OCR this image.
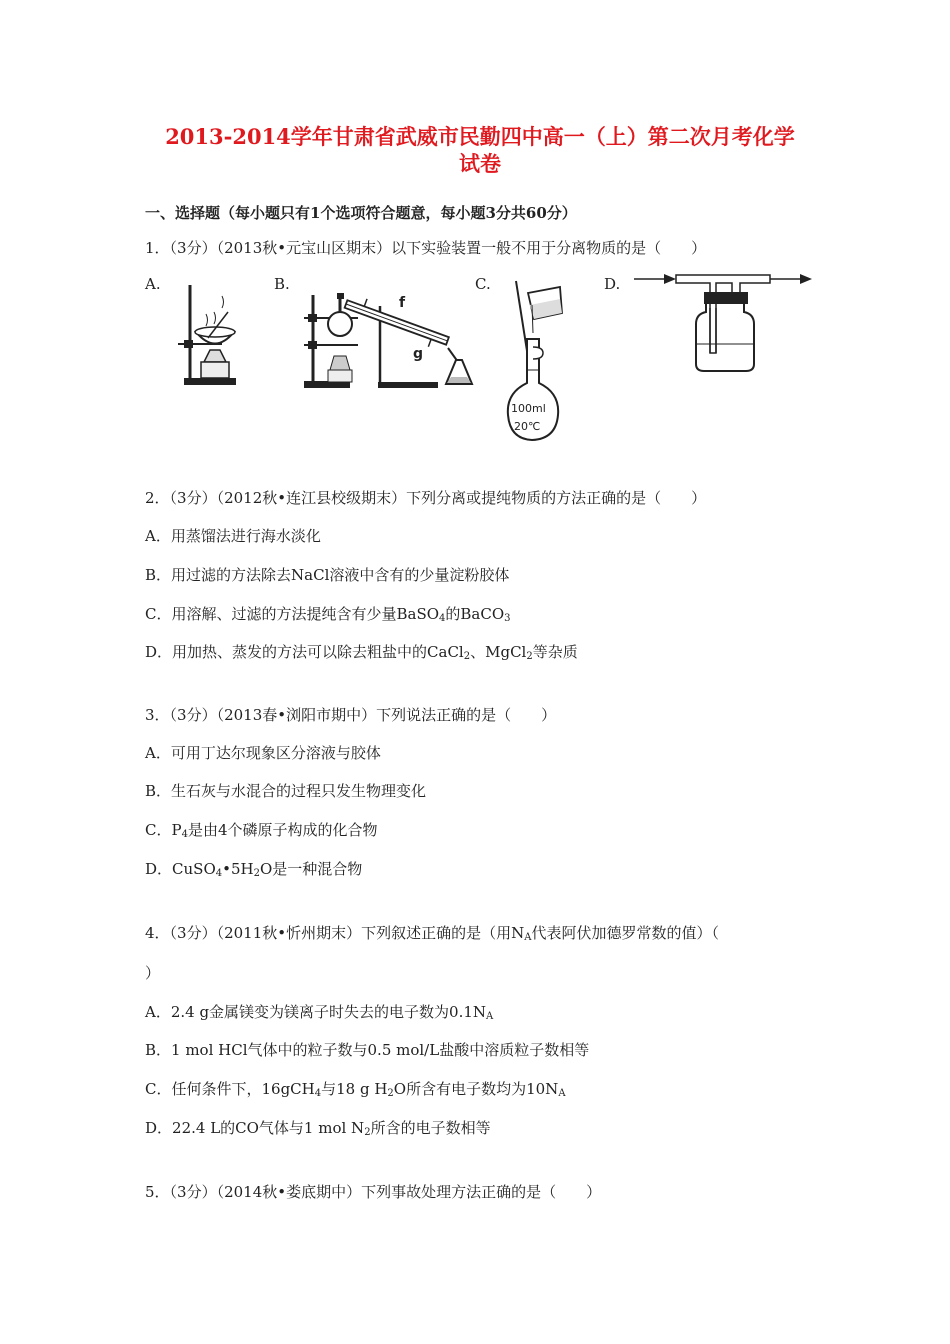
2013-2014学年甘肃省武威市民勤四中高一（上）第二次月考化学
试卷
一、选择题（每小题只有1个选项符合题意，每小题3分共60分）
1．（3分）（2013秋•元宝山区期末）以下实验装置一般不用于分离物质的是（　　）
A.	B.	C.	D.
f
g
100ml
20℃
2．（3分）（2012秋•连江县校级期末）下列分离或提纯物质的方法正确的是（　　）
A．用蒸馏法进行海水淡化
B．用过滤的方法除去NaCl溶液中含有的少量淀粉胶体
C．用溶解、过滤的方法提纯含有少量BaSO$_4$的BaCO$_3$
D．用加热、蒸发的方法可以除去粗盐中的CaCl$_2$、MgCl$_2$等杂质
3．（3分）（2013春•浏阳市期中）下列说法正确的是（　　）
A．可用丁达尔现象区分溶液与胶体
B．生石灰与水混合的过程只发生物理变化
C．$P_4$是由4个磷原子构成的化合物
D．$CuSO_4•5H_2O$是一种混合物
4．（3分）（2011秋•忻州期末）下列叙述正确的是（用$N_A$代表阿伏加德罗常数的值）（
）
A．2.4 g金属镁变为镁离子时失去的电子数为$0.1N_A$
B．1 mol HCl气体中的粒子数与0.5 mol/L盐酸中溶质粒子数相等
C．任何条件下，16gCH$_4$与18 g $H_2O$所含有电子数均为$10N_A$
D．22.4 L的CO气体与1 mol $N_2$所含的电子数相等
5．（3分）（2014秋•娄底期中）下列事故处理方法正确的是（　　）
